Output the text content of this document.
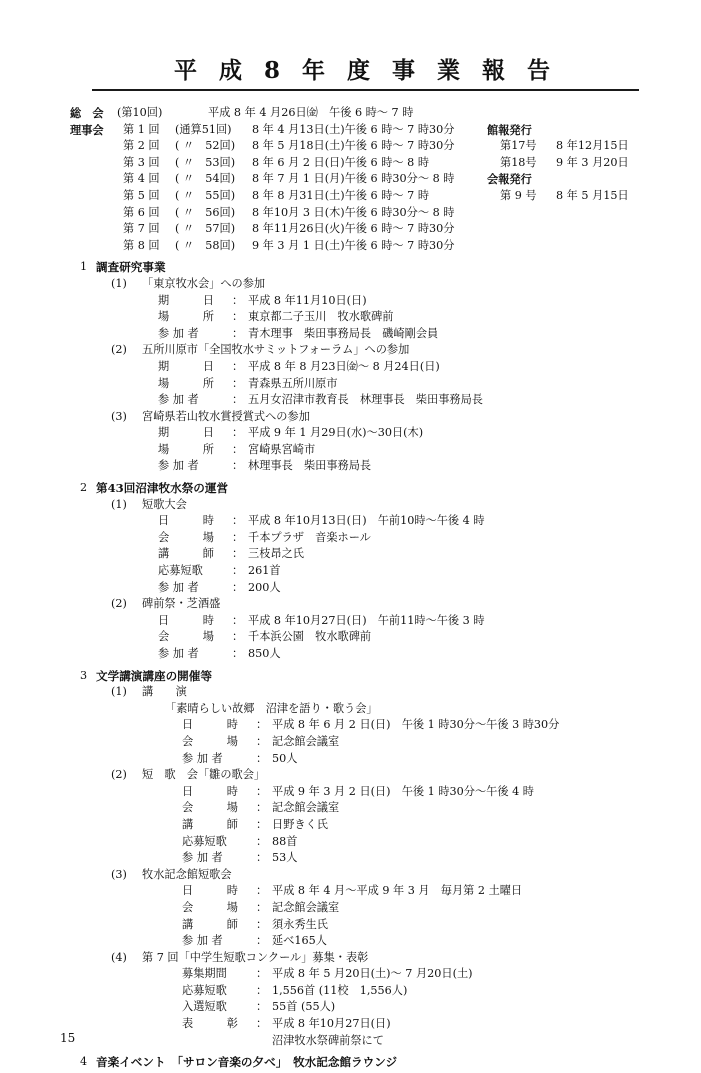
平 成 8 年 度 事 業 報 告
総　会 (第10回)	平成 8 年 4 月26日㈮　午後 6 時〜 7 時
理事会 第 1 回 (通算51回) 8 年 4 月13日(土)午後 6 時〜 7 時30分	館報発行
第 2 回 ( 〃　52回) 8 年 5 月18日(土)午後 6 時〜 7 時30分	第17号 8 年12月15日
第 3 回 ( 〃　53回) 8 年 6 月 2 日(日)午後 6 時〜 8 時	第18号 9 年 3 月20日
第 4 回 ( 〃　54回) 8 年 7 月 1 日(月)午後 6 時30分〜 8 時	会報発行
第 5 回 ( 〃　55回) 8 年 8 月31日(土)午後 6 時〜 7 時	第 9 号 8 年 5 月15日
第 6 回 ( 〃　56回) 8 年10月 3 日(木)午後 6 時30分〜 8 時
第 7 回 ( 〃　57回) 8 年11月26日(火)午後 6 時〜 7 時30分
第 8 回 ( 〃　58回) 9 年 3 月 1 日(土)午後 6 時〜 7 時30分
1 調査研究事業
(1) 「東京牧水会」への参加
期　　　日 ： 平成 8 年11月10日(日)
場　　　所 ： 東京都二子玉川　牧水歌碑前
参 加 者	： 青木理事　柴田事務局長　磯崎剛会員
(2) 五所川原市「全国牧水サミットフォーラム」への参加
期　　　日 ： 平成 8 年 8 月23日㈮〜 8 月24日(日)
場　　　所 ： 青森県五所川原市
参 加 者	： 五月女沼津市教育長　林理事長　柴田事務局長
(3) 宮崎県若山牧水賞授賞式への参加
期　　　日 ： 平成 9 年 1 月29日(水)〜30日(木)
場　　　所 ： 宮崎県宮崎市
参 加 者	： 林理事長　柴田事務局長
2 第43回沼津牧水祭の運営
(1) 短歌大会
日　　　時 ： 平成 8 年10月13日(日)　午前10時〜午後 4 時
会　　　場 ： 千本プラザ　音楽ホール
講　　　師 ： 三枝昂之氏
応募短歌	： 261首
参 加 者	： 200人
(2) 碑前祭・芝酒盛
日　　　時 ： 平成 8 年10月27日(日)　午前11時〜午後 3 時
会　　　場 ： 千本浜公園　牧水歌碑前
参 加 者	： 850人
3 文学講演講座の開催等
(1) 講　　演
「素晴らしい故郷　沼津を語り・歌う会」
日　　　時 ： 平成 8 年 6 月 2 日(日)　午後 1 時30分〜午後 3 時30分
会　　　場 ： 記念館会議室
参 加 者	： 50人
(2) 短　歌　会「雛の歌会」
日　　　時 ： 平成 9 年 3 月 2 日(日)　午後 1 時30分〜午後 4 時
会　　　場 ： 記念館会議室
講　　　師 ： 日野きく氏
応募短歌	： 88首
参 加 者	： 53人
(3) 牧水記念館短歌会
日　　　時 ： 平成 8 年 4 月〜平成 9 年 3 月　毎月第 2 土曜日
会　　　場 ： 記念館会議室
講　　　師 ： 須永秀生氏
参 加 者	： 延べ165人
(4) 第 7 回「中学生短歌コンクール」募集・表彰
募集期間	： 平成 8 年 5 月20日(土)〜 7 月20日(土)
応募短歌	： 1,556首 (11校　1,556人)
入選短歌	： 55首 (55人)
表　　　彰 ： 平成 8 年10月27日(日)
沼津牧水祭碑前祭にて
4 音楽イベント　「サロン音楽の夕べ」　牧水記念館ラウンジ
15
